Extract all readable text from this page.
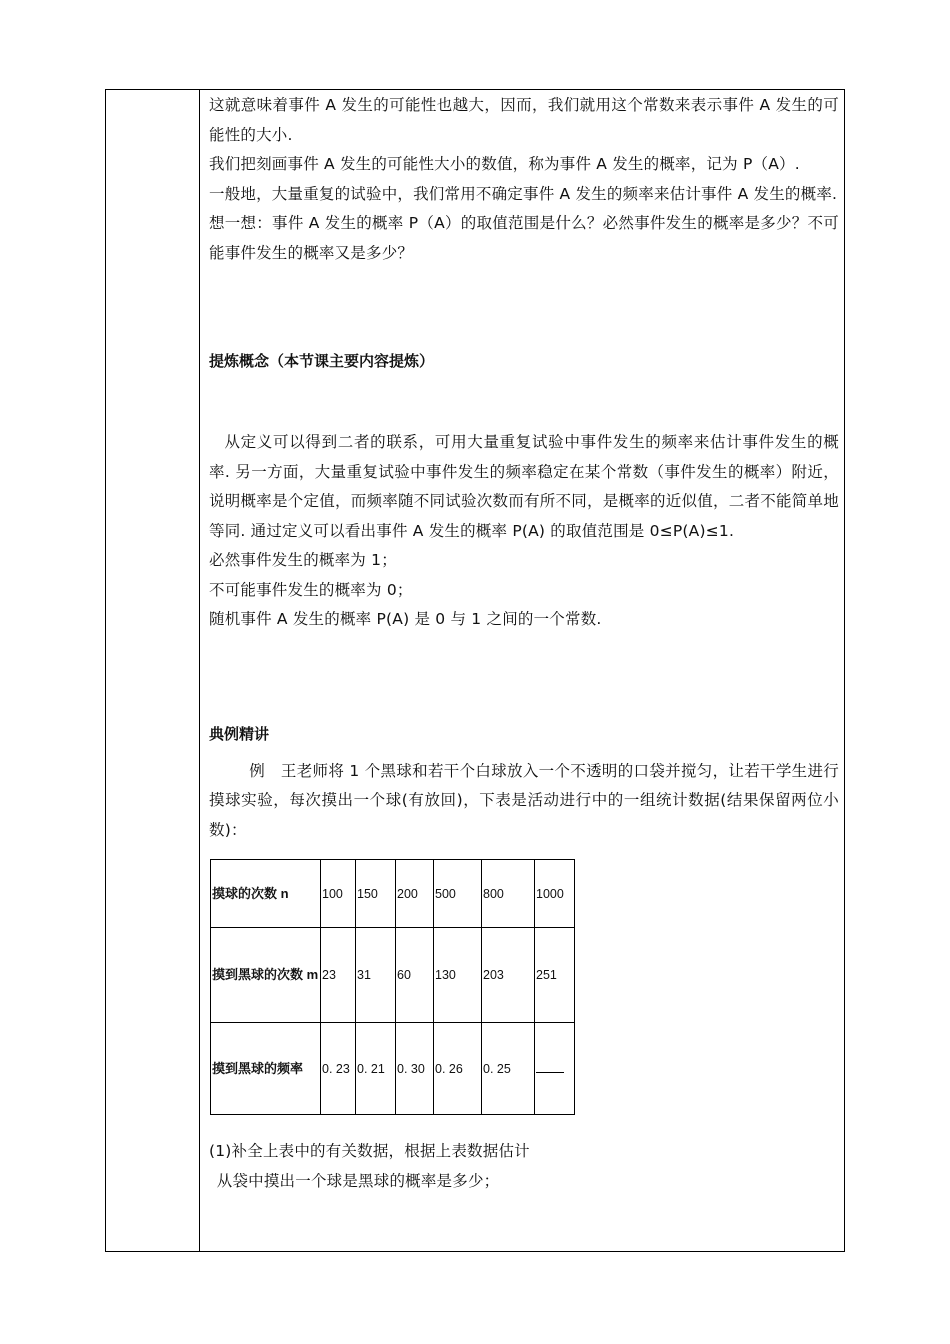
这就意味着事件 A 发生的可能性也越大，因而，我们就用这个常数来表示事件 A 发生的可能性的大小.

我们把刻画事件 A 发生的可能性大小的数值，称为事件 A 发生的概率，记为 P（A）.

一般地，大量重复的试验中，我们常用不确定事件 A 发生的频率来估计事件 A 发生的概率.

想一想：事件 A 发生的概率 P（A）的取值范围是什么？必然事件发生的概率是多少？不可能事件发生的概率又是多少？

提炼概念（本节课主要内容提炼）

从定义可以得到二者的联系，可用大量重复试验中事件发生的频率来估计事件发生的概率. 另一方面，大量重复试验中事件发生的频率稳定在某个常数（事件发生的概率）附近，说明概率是个定值，而频率随不同试验次数而有所不同，是概率的近似值，二者不能简单地等同. 通过定义可以看出事件 A 发生的概率 P(A) 的取值范围是 0≤P(A)≤1.

必然事件发生的概率为 1；

不可能事件发生的概率为 0；

随机事件 A 发生的概率 P(A) 是 0 与 1 之间的一个常数.

典例精讲

例　王老师将 1 个黑球和若干个白球放入一个不透明的口袋并搅匀，让若干学生进行摸球实验，每次摸出一个球(有放回)，下表是活动进行中的一组统计数据(结果保留两位小数)：

摸球的次数 n	100	150	200	500	800	1000
摸到黑球的次数 m	23	31	60	130	203	251
摸到黑球的频率	0. 23	0. 21	0. 30	0. 26	0. 25	

(1)补全上表中的有关数据，根据上表数据估计

从袋中摸出一个球是黑球的概率是多少；
